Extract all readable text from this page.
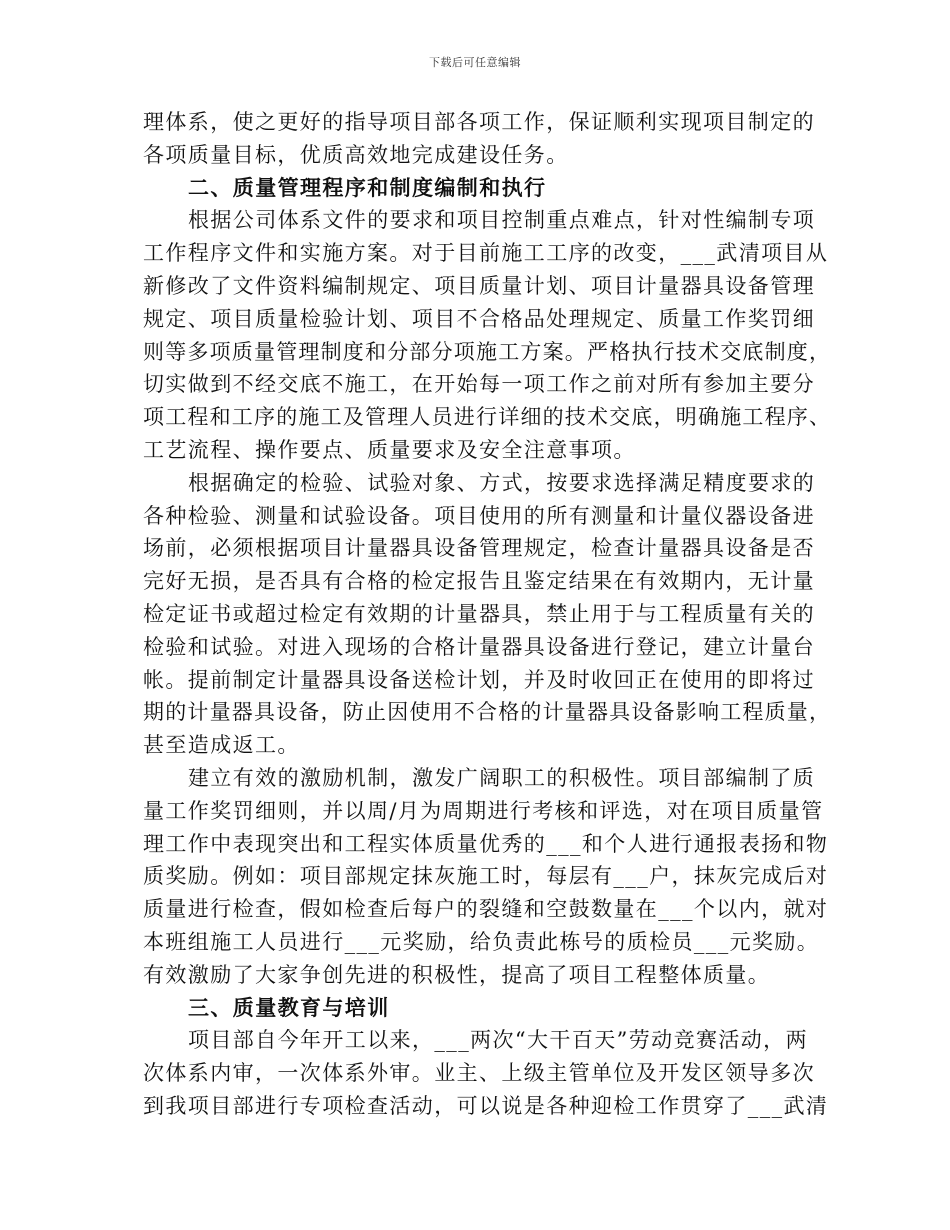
下载后可任意编辑
理体系，使之更好的指导项目部各项工作，保证顺利实现项目制定的
各项质量目标，优质高效地完成建设任务。
二、质量管理程序和制度编制和执行
根据公司体系文件的要求和项目控制重点难点，针对性编制专项
工作程序文件和实施方案。对于目前施工工序的改变，___武清项目从
新修改了文件资料编制规定、项目质量计划、项目计量器具设备管理
规定、项目质量检验计划、项目不合格品处理规定、质量工作奖罚细
则等多项质量管理制度和分部分项施工方案。严格执行技术交底制度，
切实做到不经交底不施工，在开始每一项工作之前对所有参加主要分
项工程和工序的施工及管理人员进行详细的技术交底，明确施工程序、
工艺流程、操作要点、质量要求及安全注意事项。
根据确定的检验、试验对象、方式，按要求选择满足精度要求的
各种检验、测量和试验设备。项目使用的所有测量和计量仪器设备进
场前，必须根据项目计量器具设备管理规定，检查计量器具设备是否
完好无损，是否具有合格的检定报告且鉴定结果在有效期内，无计量
检定证书或超过检定有效期的计量器具，禁止用于与工程质量有关的
检验和试验。对进入现场的合格计量器具设备进行登记，建立计量台
帐。提前制定计量器具设备送检计划，并及时收回正在使用的即将过
期的计量器具设备，防止因使用不合格的计量器具设备影响工程质量，
甚至造成返工。
建立有效的激励机制，激发广阔职工的积极性。项目部编制了质
量工作奖罚细则，并以周/月为周期进行考核和评选，对在项目质量管
理工作中表现突出和工程实体质量优秀的___和个人进行通报表扬和物
质奖励。例如：项目部规定抹灰施工时，每层有___户，抹灰完成后对
质量进行检查，假如检查后每户的裂缝和空鼓数量在___个以内，就对
本班组施工人员进行___元奖励，给负责此栋号的质检员___元奖励。
有效激励了大家争创先进的积极性，提高了项目工程整体质量。
三、质量教育与培训
项目部自今年开工以来，___两次“大干百天”劳动竞赛活动，两
次体系内审，一次体系外审。业主、上级主管单位及开发区领导多次
到我项目部进行专项检查活动，可以说是各种迎检工作贯穿了___武清
